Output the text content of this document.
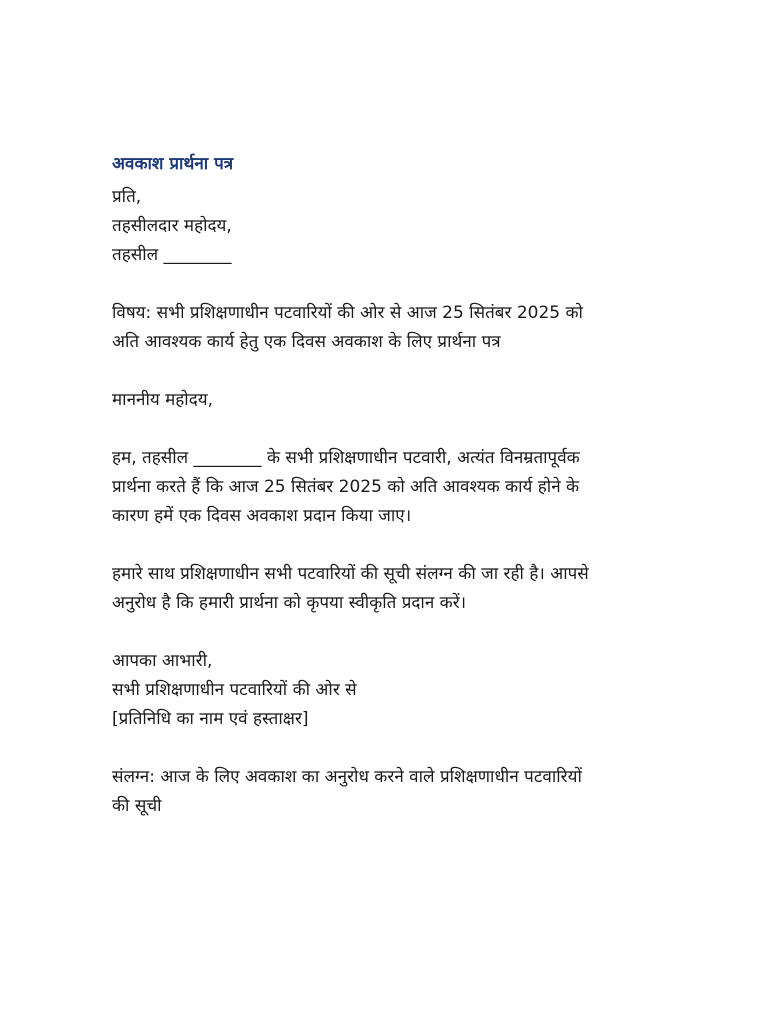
अवकाश प्रार्थना पत्र

प्रति,

तहसीलदार महोदय,

तहसील ________

विषय: सभी प्रशिक्षणाधीन पटवारियों की ओर से आज 25 सितंबर 2025 को

अति आवश्यक कार्य हेतु एक दिवस अवकाश के लिए प्रार्थना पत्र

माननीय महोदय,

हम, तहसील ________ के सभी प्रशिक्षणाधीन पटवारी, अत्यंत विनम्रतापूर्वक

प्रार्थना करते हैं कि आज 25 सितंबर 2025 को अति आवश्यक कार्य होने के

कारण हमें एक दिवस अवकाश प्रदान किया जाए।

हमारे साथ प्रशिक्षणाधीन सभी पटवारियों की सूची संलग्न की जा रही है। आपसे

अनुरोध है कि हमारी प्रार्थना को कृपया स्वीकृति प्रदान करें।

आपका आभारी,

सभी प्रशिक्षणाधीन पटवारियों की ओर से

[प्रतिनिधि का नाम एवं हस्ताक्षर]

संलग्न: आज के लिए अवकाश का अनुरोध करने वाले प्रशिक्षणाधीन पटवारियों

की सूची
